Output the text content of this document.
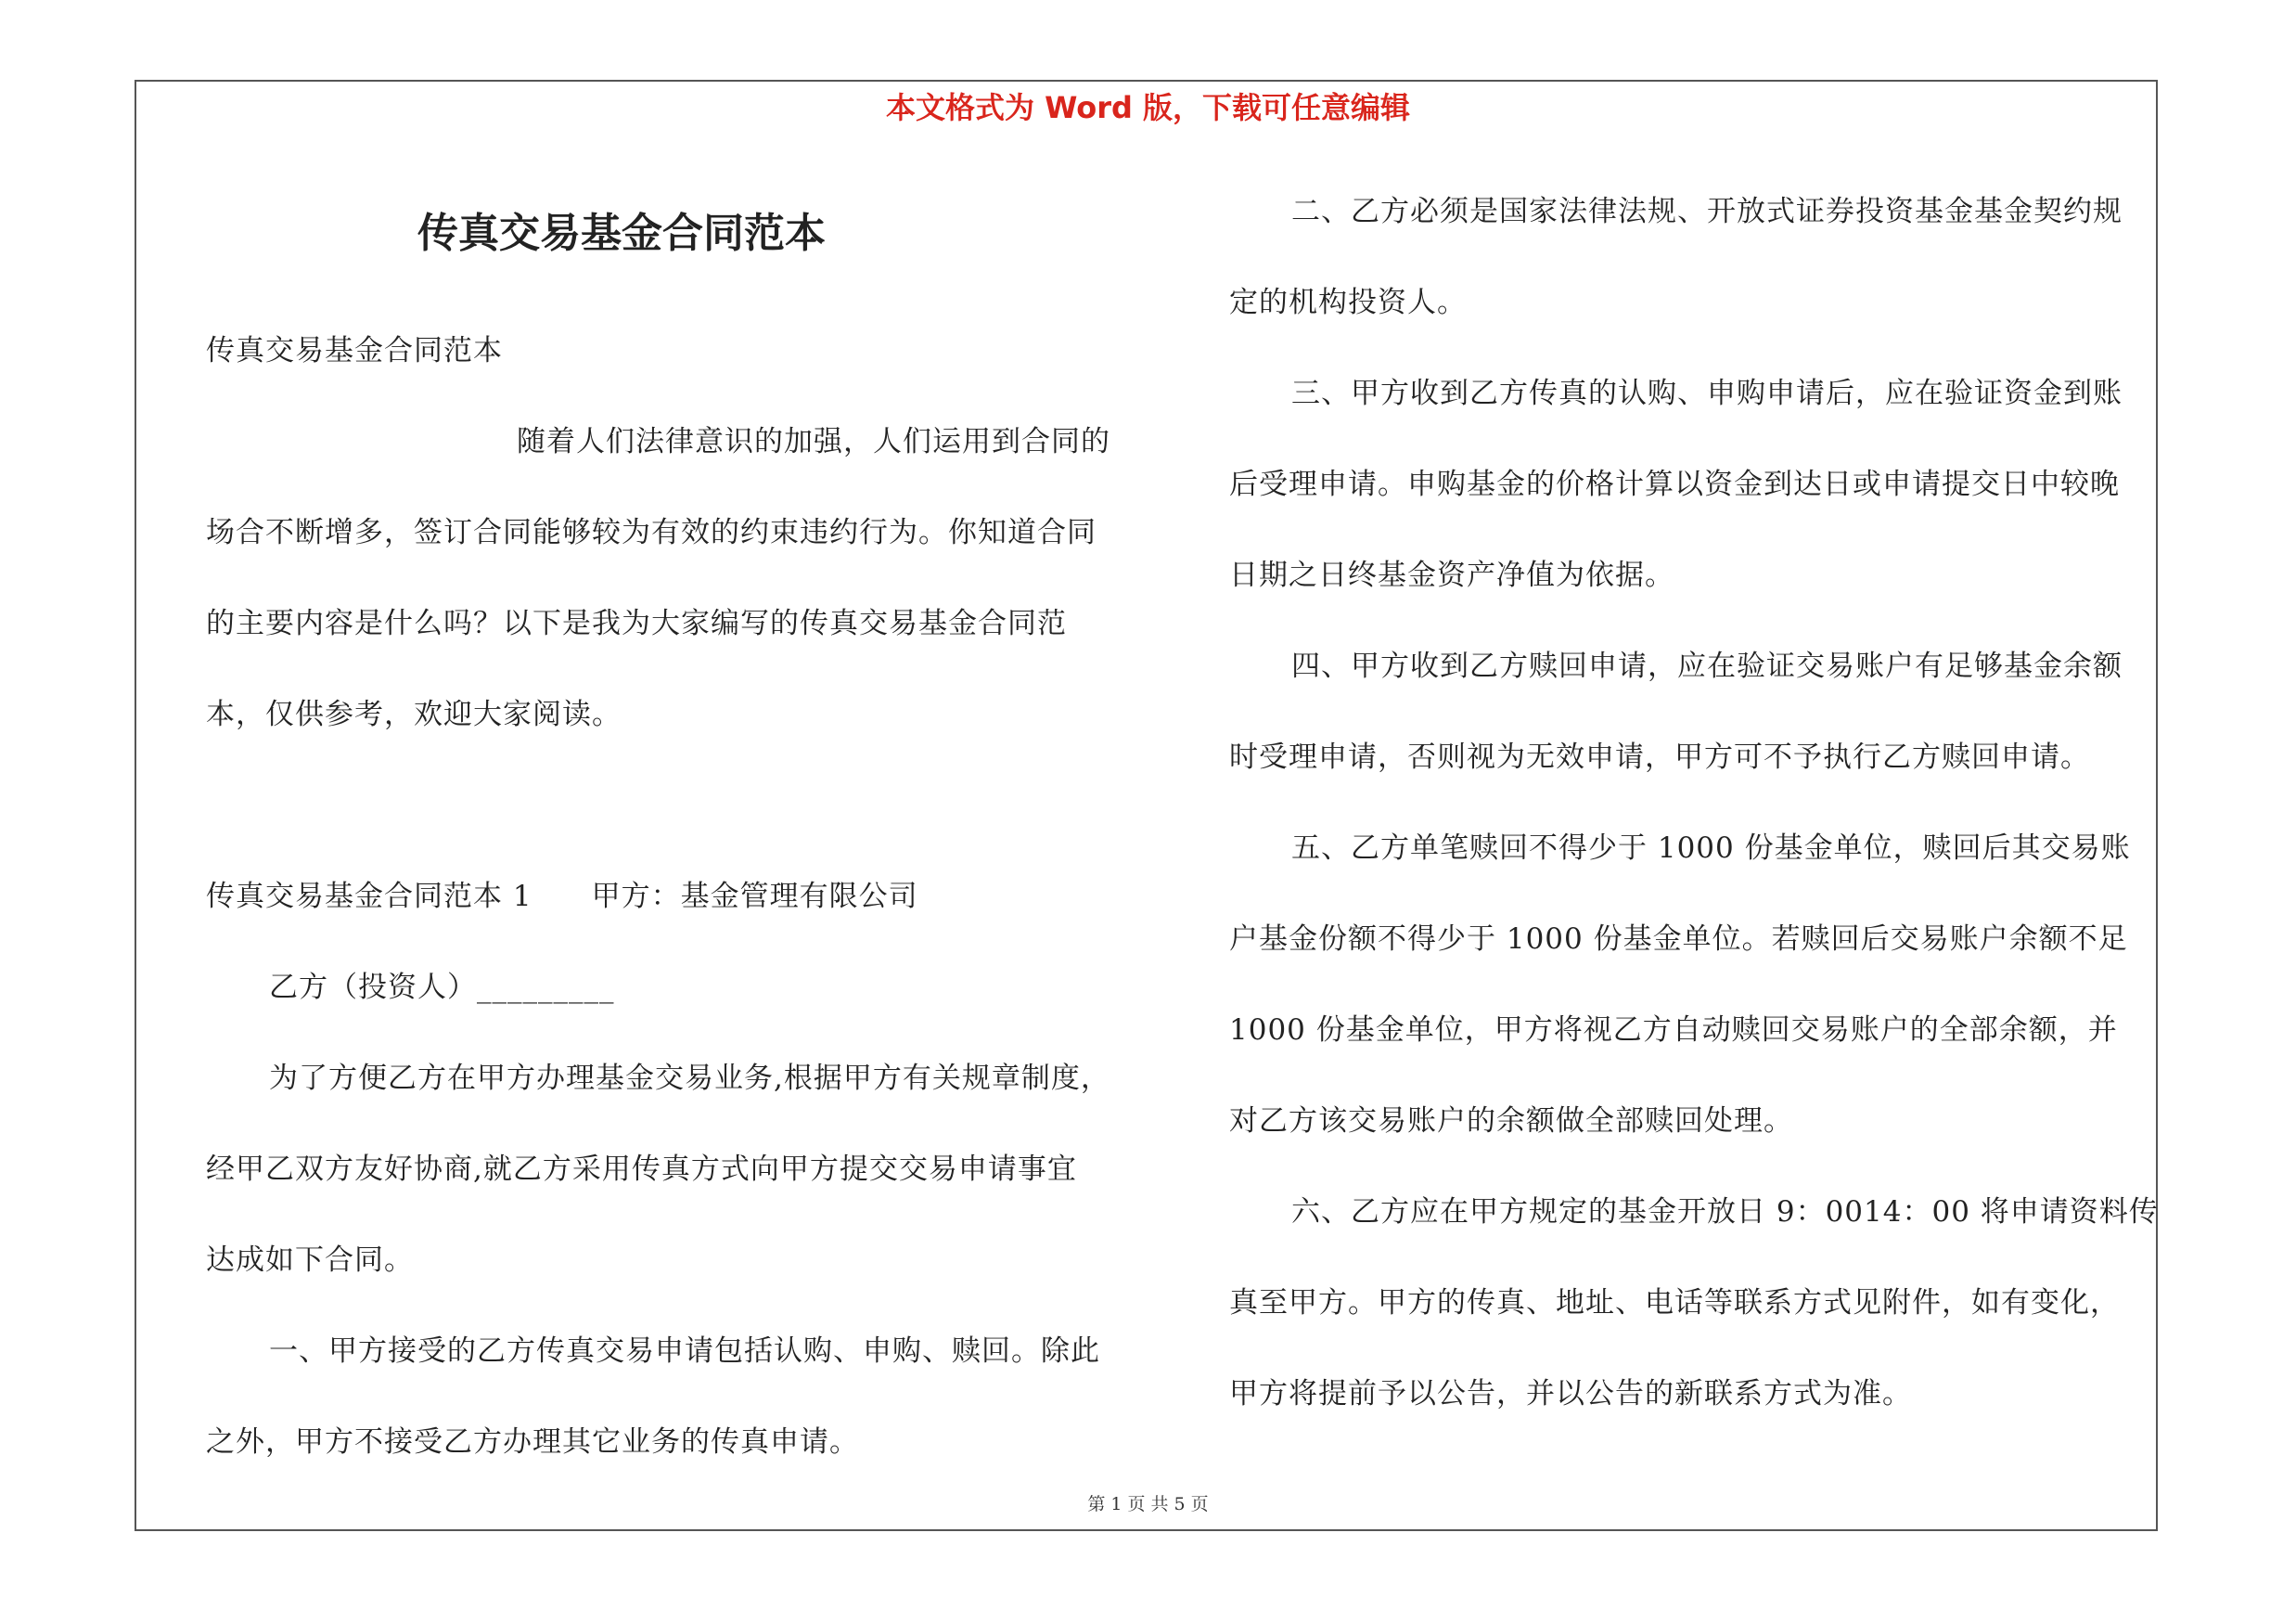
本文格式为 Word 版，下载可任意编辑
传真交易基金合同范本
传真交易基金合同范本
随着人们法律意识的加强，人们运用到合同的
场合不断增多，签订合同能够较为有效的约束违约行为。你知道合同
的主要内容是什么吗？以下是我为大家编写的传真交易基金合同范
本，仅供参考，欢迎大家阅读。
传真交易基金合同范本 1　　甲方：基金管理有限公司
乙方（投资人）_________
为了方便乙方在甲方办理基金交易业务,根据甲方有关规章制度，
经甲乙双方友好协商,就乙方采用传真方式向甲方提交交易申请事宜
达成如下合同。
一、甲方接受的乙方传真交易申请包括认购、申购、赎回。除此
之外，甲方不接受乙方办理其它业务的传真申请。
二、乙方必须是国家法律法规、开放式证券投资基金基金契约规
定的机构投资人。
三、甲方收到乙方传真的认购、申购申请后，应在验证资金到账
后受理申请。申购基金的价格计算以资金到达日或申请提交日中较晚
日期之日终基金资产净值为依据。
四、甲方收到乙方赎回申请，应在验证交易账户有足够基金余额
时受理申请，否则视为无效申请，甲方可不予执行乙方赎回申请。
五、乙方单笔赎回不得少于 1000 份基金单位，赎回后其交易账
户基金份额不得少于 1000 份基金单位。若赎回后交易账户余额不足
1000 份基金单位，甲方将视乙方自动赎回交易账户的全部余额，并
对乙方该交易账户的余额做全部赎回处理。
六、乙方应在甲方规定的基金开放日 9：0014：00 将申请资料传
真至甲方。甲方的传真、地址、电话等联系方式见附件，如有变化，
甲方将提前予以公告，并以公告的新联系方式为准。
第 1 页 共 5 页
